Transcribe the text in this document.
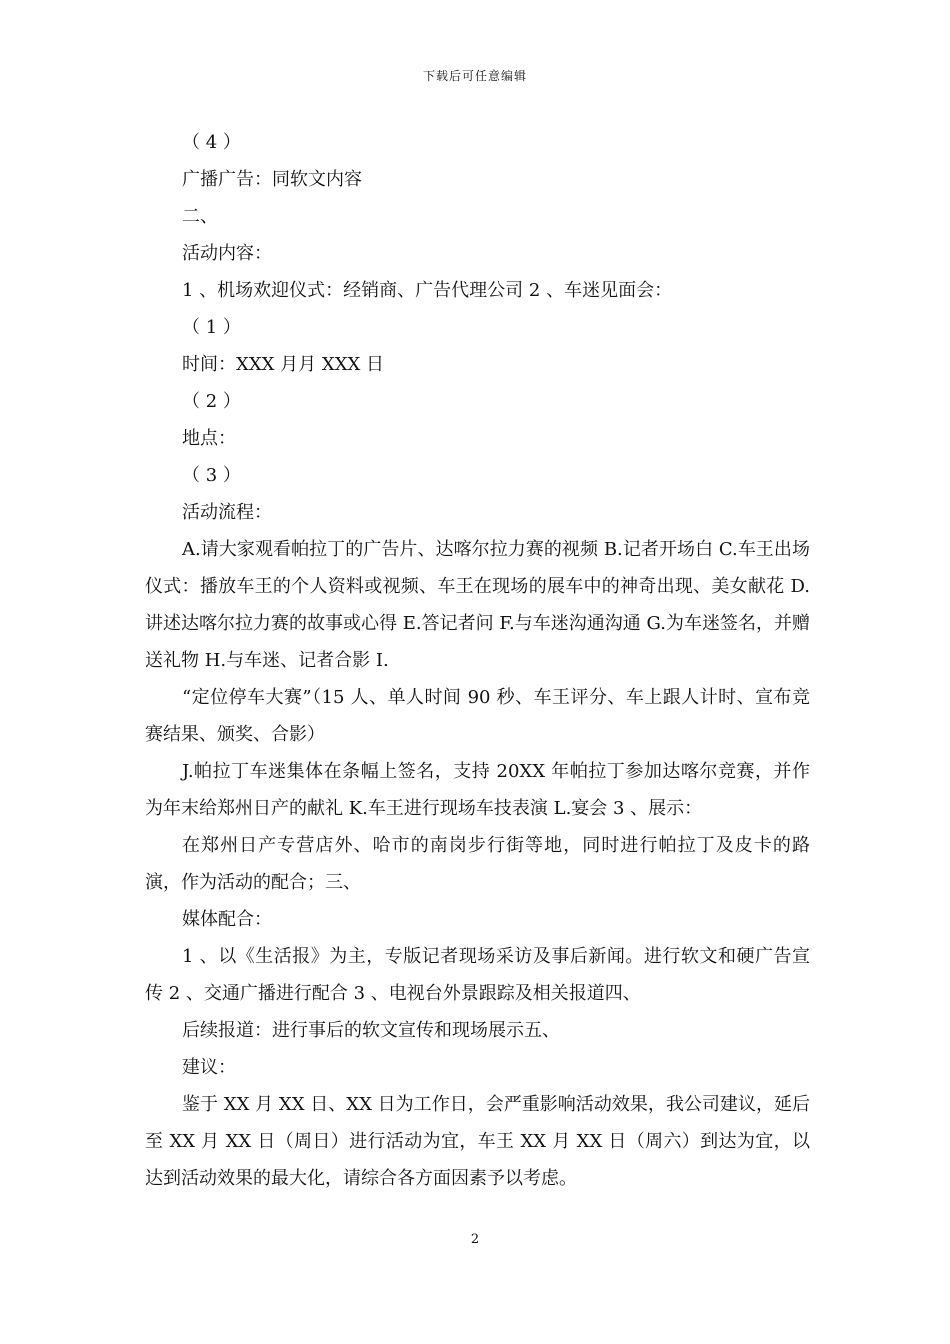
下载后可任意编辑

（ 4 ）

广播广告：同软文内容

二、

活动内容：

1 、机场欢迎仪式：经销商、广告代理公司 2 、车迷见面会：

（ 1 ）

时间：XXX 月月 XXX 日

（ 2 ）

地点：

（ 3 ）

活动流程：

A.请大家观看帕拉丁的广告片、达喀尔拉力赛的视频 B.记者开场白 C.车王出场仪式：播放车王的个人资料或视频、车王在现场的展车中的神奇出现、美女献花 D.讲述达喀尔拉力赛的故事或心得 E.答记者问 F.与车迷沟通沟通 G.为车迷签名，并赠送礼物 H.与车迷、记者合影 I.

“定位停车大赛”（15 人、单人时间 90 秒、车王评分、车上跟人计时、宣布竞赛结果、颁奖、合影）

J.帕拉丁车迷集体在条幅上签名，支持 20XX 年帕拉丁参加达喀尔竞赛，并作为年末给郑州日产的献礼 K.车王进行现场车技表演 L.宴会 3 、展示：

在郑州日产专营店外、哈市的南岗步行街等地，同时进行帕拉丁及皮卡的路演，作为活动的配合；三、

媒体配合：

1 、以《生活报》为主，专版记者现场采访及事后新闻。进行软文和硬广告宣传 2 、交通广播进行配合 3 、电视台外景跟踪及相关报道四、

后续报道：进行事后的软文宣传和现场展示五、

建议：

鉴于 XX 月 XX 日、XX 日为工作日，会严重影响活动效果，我公司建议，延后至 XX 月 XX 日（周日）进行活动为宜，车王 XX 月 XX 日（周六）到达为宜，以达到活动效果的最大化，请综合各方面因素予以考虑。

2
